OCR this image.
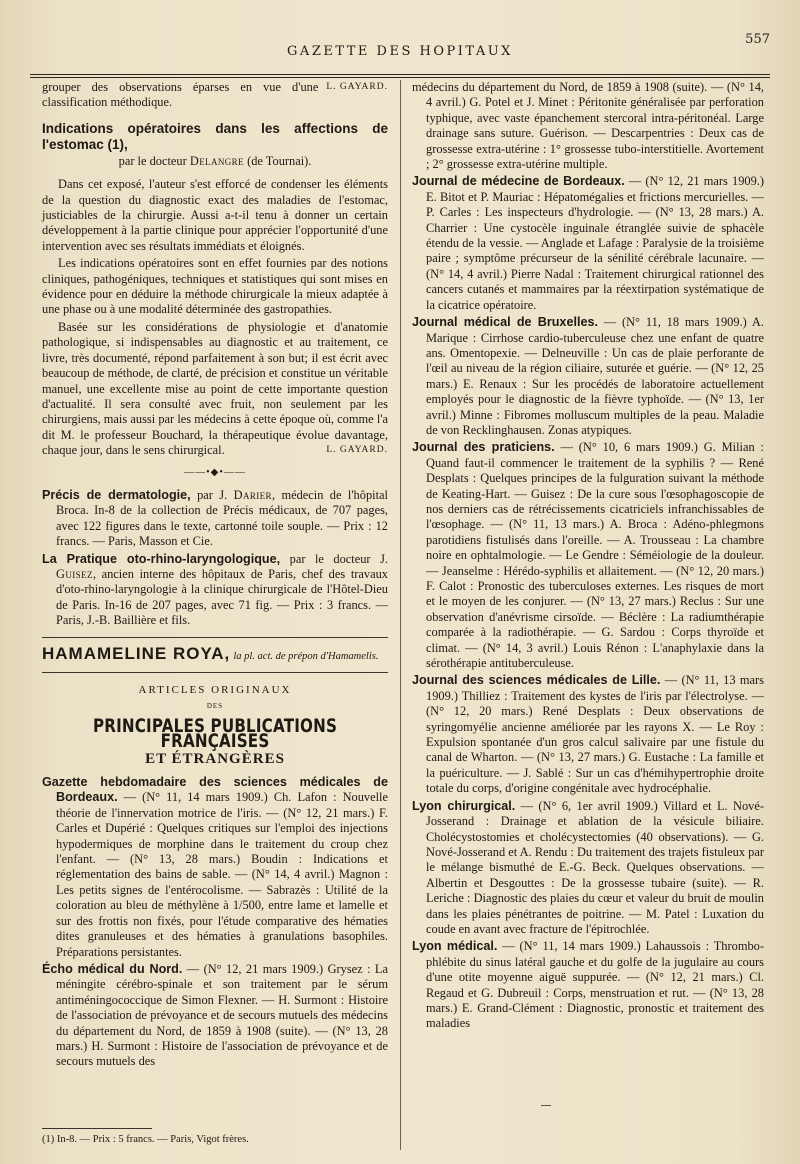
GAZETTE DES HOPITAUX
557

L. GAYARD.
grouper des observations éparses en vue d'une classification méthodique.

Indications opératoires dans les affections de l'estomac (1),
par le docteur Delangre (de Tournai).

Dans cet exposé, l'auteur s'est efforcé de condenser les éléments de la question du diagnostic exact des maladies de l'estomac, justiciables de la chirurgie. Aussi a-t-il tenu à donner un certain développement à la partie clinique pour apprécier l'opportunité d'une intervention avec ses résultats immédiats et éloignés.

Les indications opératoires sont en effet fournies par des notions cliniques, pathogéniques, techniques et statistiques qui sont mises en évidence pour en déduire la méthode chirurgicale la mieux adaptée à une phase ou à une modalité déterminée des gastropathies.

Basée sur les considérations de physiologie et d'anatomie pathologique, si indispensables au diagnostic et au traitement, ce livre, très documenté, répond parfaitement à son but; il est écrit avec beaucoup de méthode, de clarté, de précision et constitue un véritable manuel, une excellente mise au point de cette importante question d'actualité. Il sera consulté avec fruit, non seulement par les chirurgiens, mais aussi par les médecins à cette époque où, comme l'a dit M. le professeur Bouchard, la thérapeutique évolue davantage, chaque jour, dans le sens chirurgical.	L. GAYARD.

——•◆•——

Précis de dermatologie, par J. Darier, médecin de l'hôpital Broca. In-8 de la collection de Précis médicaux, de 707 pages, avec 122 figures dans le texte, cartonné toile souple. — Prix : 12 francs. — Paris, Masson et Cie.

La Pratique oto-rhino-laryngologique, par le docteur J. Guisez, ancien interne des hôpitaux de Paris, chef des travaux d'oto-rhino-laryngologie à la clinique chirurgicale de l'Hôtel-Dieu de Paris. In-16 de 207 pages, avec 71 fig. — Prix : 3 francs. — Paris, J.-B. Baillière et fils.

HAMAMELINE ROYA, la pl. act. de prépon d'Hamamelis.
ARTICLES ORIGINAUX
DES
PRINCIPALES PUBLICATIONS FRANÇAISES
ET ÉTRANGÈRES

Gazette hebdomadaire des sciences médicales de Bordeaux. — (N° 11, 14 mars 1909.) Ch. Lafon : Nouvelle théorie de l'innervation motrice de l'iris. — (N° 12, 21 mars.) F. Carles et Dupérié : Quelques critiques sur l'emploi des injections hypodermiques de morphine dans le traitement du croup chez l'enfant. — (N° 13, 28 mars.) Boudin : Indications et réglementation des bains de sable. — (N° 14, 4 avril.) Magnon : Les petits signes de l'entérocolisme. — Sabrazès : Utilité de la coloration au bleu de méthylène à 1/500, entre lame et lamelle et sur des frottis non fixés, pour l'étude comparative des hématies dites granuleuses et des hématies à granulations basophiles. Préparations persistantes.

Écho médical du Nord. — (N° 12, 21 mars 1909.) Grysez : La méningite cérébro-spinale et son traitement par le sérum antiméningococcique de Simon Flexner. — H. Surmont : Histoire de l'association de prévoyance et de secours mutuels des médecins du département du Nord, de 1859 à 1908 (suite). — (N° 13, 28 mars.) H. Surmont : Histoire de l'association de prévoyance et de secours mutuels des

(1) In-8. — Prix : 5 francs. — Paris, Vigot frères.

médecins du département du Nord, de 1859 à 1908 (suite). — (N° 14, 4 avril.) G. Potel et J. Minet : Péritonite généralisée par perforation typhique, avec vaste épanchement stercoral intra-péritonéal. Large drainage sans suture. Guérison. — Descarpentries : Deux cas de grossesse extra-utérine : 1° grossesse tubo-interstitielle. Avortement ; 2° grossesse extra-utérine multiple.

Journal de médecine de Bordeaux. — (N° 12, 21 mars 1909.) E. Bitot et P. Mauriac : Hépatomégalies et frictions mercurielles. — P. Carles : Les inspecteurs d'hydrologie. — (N° 13, 28 mars.) A. Charrier : Une cystocèle inguinale étranglée suivie de sphacèle étendu de la vessie. — Anglade et Lafage : Paralysie de la troisième paire ; symptôme précurseur de la sénilité cérébrale lacunaire. — (N° 14, 4 avril.) Pierre Nadal : Traitement chirurgical rationnel des cancers cutanés et mammaires par la réextirpation systématique de la cicatrice opératoire.

Journal médical de Bruxelles. — (N° 11, 18 mars 1909.) A. Marique : Cirrhose cardio-tuberculeuse chez une enfant de quatre ans. Omentopexie. — Delneuville : Un cas de plaie perforante de l'œil au niveau de la région ciliaire, suturée et guérie. — (N° 12, 25 mars.) E. Renaux : Sur les procédés de laboratoire actuellement employés pour le diagnostic de la fièvre typhoïde. — (N° 13, 1er avril.) Minne : Fibromes molluscum multiples de la peau. Maladie de von Recklinghausen. Zonas atypiques.

Journal des praticiens. — (N° 10, 6 mars 1909.) G. Milian : Quand faut-il commencer le traitement de la syphilis ? — René Desplats : Quelques principes de la fulguration suivant la méthode de Keating-Hart. — Guisez : De la cure sous l'œsophagoscopie de nos derniers cas de rétrécissements cicatriciels infranchissables de l'œsophage. — (N° 11, 13 mars.) A. Broca : Adéno-phlegmons parotidiens fistulisés dans l'oreille. — A. Trousseau : La chambre noire en ophtalmologie. — Le Gendre : Séméiologie de la douleur. — Jeanselme : Hérédo-syphilis et allaitement. — (N° 12, 20 mars.) F. Calot : Pronostic des tuberculoses externes. Les risques de mort et le moyen de les conjurer. — (N° 13, 27 mars.) Reclus : Sur une observation d'anévrisme cirsoïde. — Béclère : La radiumthérapie comparée à la radiothérapie. — G. Sardou : Corps thyroïde et climat. — (N° 14, 3 avril.) Louis Rénon : L'anaphylaxie dans la sérothérapie antituberculeuse.

Journal des sciences médicales de Lille. — (N° 11, 13 mars 1909.) Thilliez : Traitement des kystes de l'iris par l'électrolyse. — (N° 12, 20 mars.) René Desplats : Deux observations de syringomyélie ancienne améliorée par les rayons X. — Le Roy : Expulsion spontanée d'un gros calcul salivaire par une fistule du canal de Wharton. — (N° 13, 27 mars.) G. Eustache : La famille et la puériculture. — J. Sablé : Sur un cas d'hémihypertrophie droite totale du corps, d'origine congénitale avec hydrocéphalie.

Lyon chirurgical. — (N° 6, 1er avril 1909.) Villard et L. Nové-Josserand : Drainage et ablation de la vésicule biliaire. Cholécystostomies et cholécystectomies (40 observations). — G. Nové-Josserand et A. Rendu : Du traitement des trajets fistuleux par le mélange bismuthé de E.-G. Beck. Quelques observations. — Albertin et Desgouttes : De la grossesse tubaire (suite). — R. Leriche : Diagnostic des plaies du cœur et valeur du bruit de moulin dans les plaies pénétrantes de poitrine. — M. Patel : Luxation du coude en avant avec fracture de l'épitrochlée.

Lyon médical. — (N° 11, 14 mars 1909.) Lahaussois : Thrombo-phlébite du sinus latéral gauche et du golfe de la jugulaire au cours d'une otite moyenne aiguë suppurée. — (N° 12, 21 mars.) Cl. Regaud et G. Dubreuil : Corps, menstruation et rut. — (N° 13, 28 mars.) E. Grand-Clément : Diagnostic, pronostic et traitement des maladies
